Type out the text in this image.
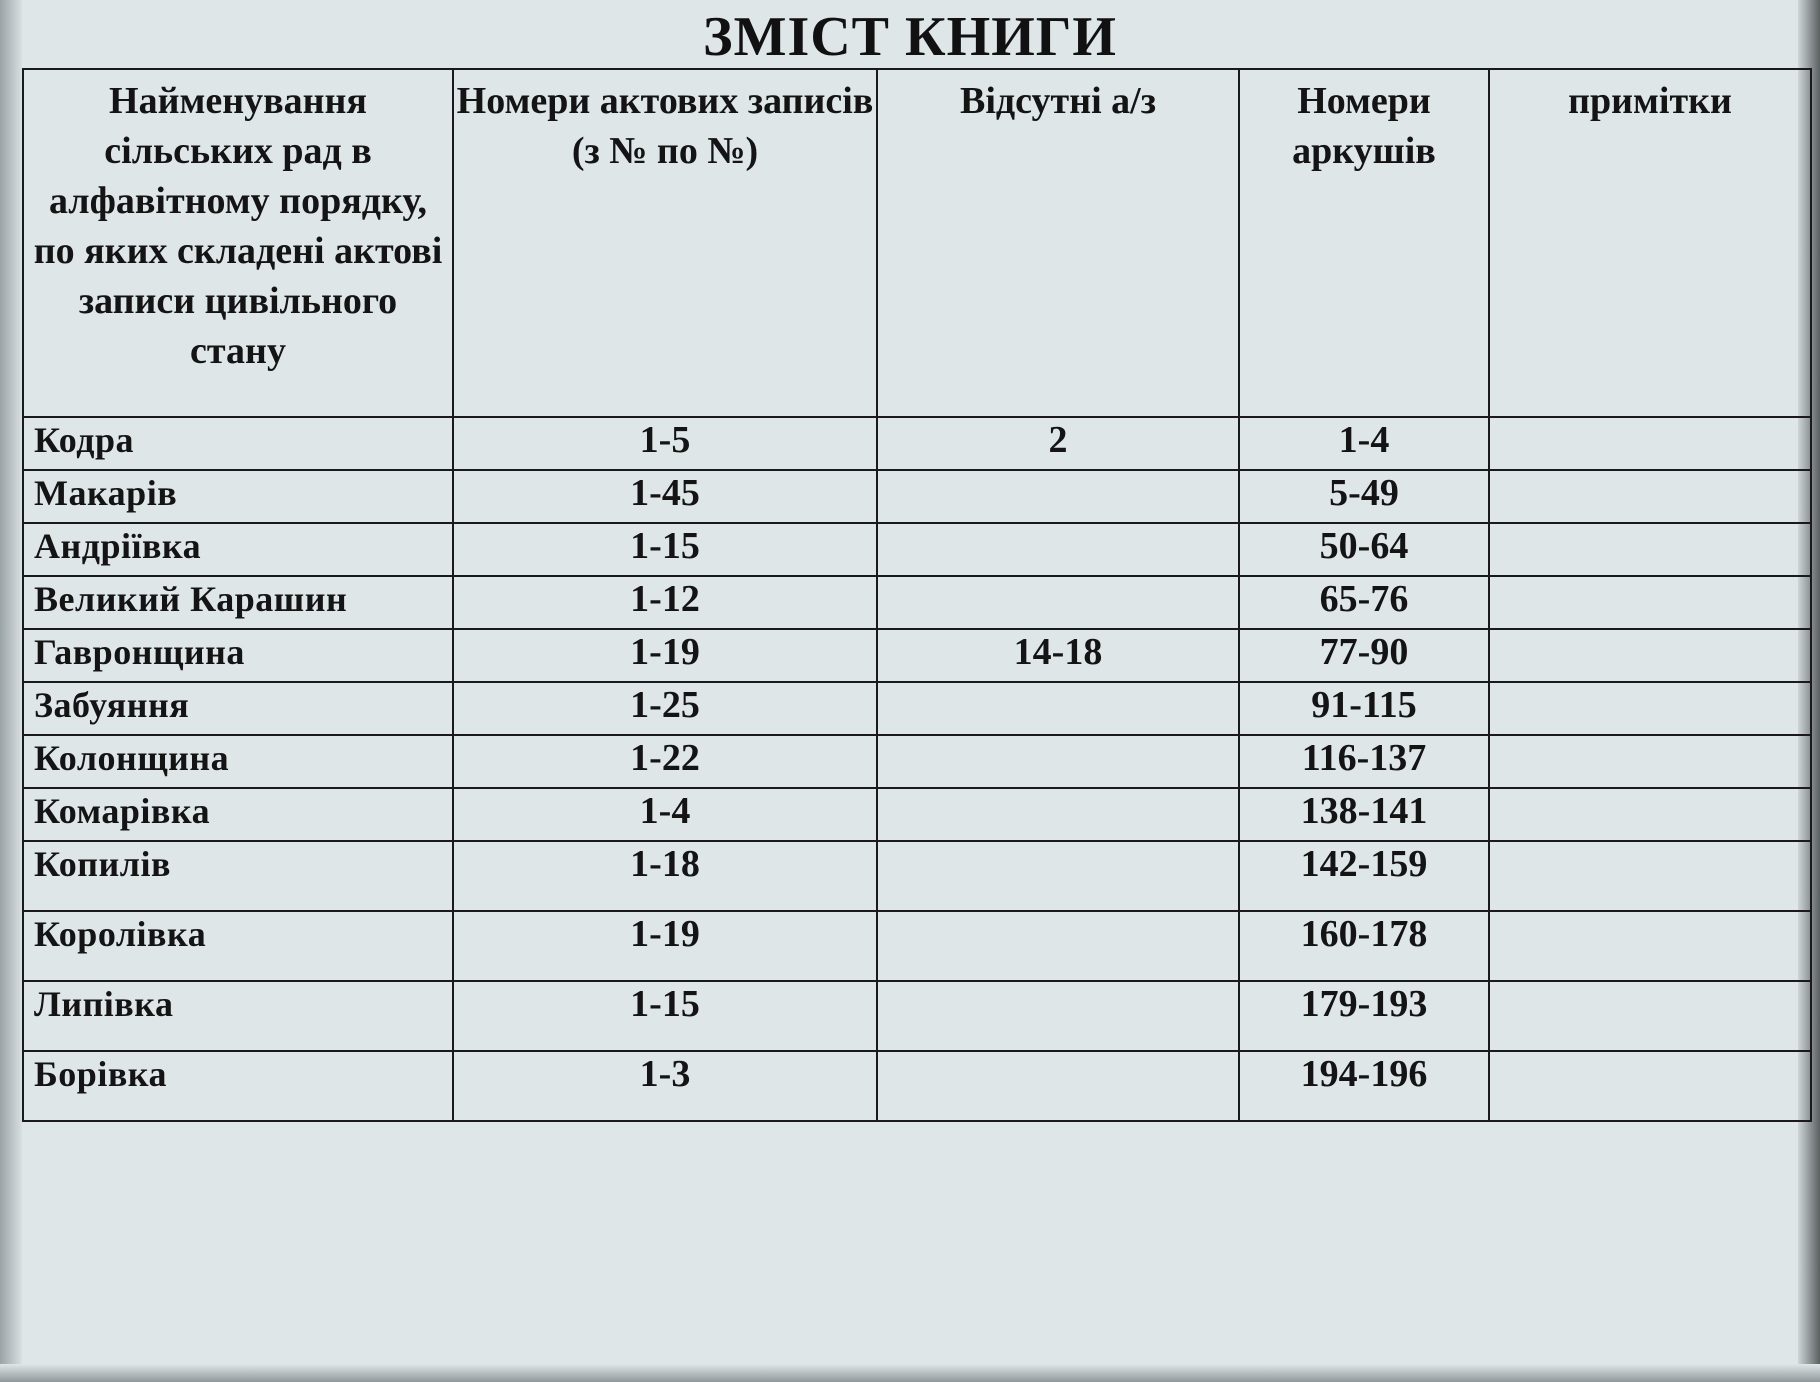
ЗМІСТ КНИГИ
Найменування сільських рад в алфавітному порядку, по яких складені актові записи цивільного стану	Номери актових записів (з № по №)	Відсутні а/з	Номери аркушів	примітки
Кодра	1-5	2	1-4	
Макарів	1-45		5-49	
Андріївка	1-15		50-64	
Великий Карашин	1-12		65-76	
Гавронщина	1-19	14-18	77-90	
Забуяння	1-25		91-115	
Колонщина	1-22		116-137	
Комарівка	1-4		138-141	
Копилів	1-18		142-159	
Королівка	1-19		160-178	
Липівка	1-15		179-193	
Борівка	1-3		194-196	
